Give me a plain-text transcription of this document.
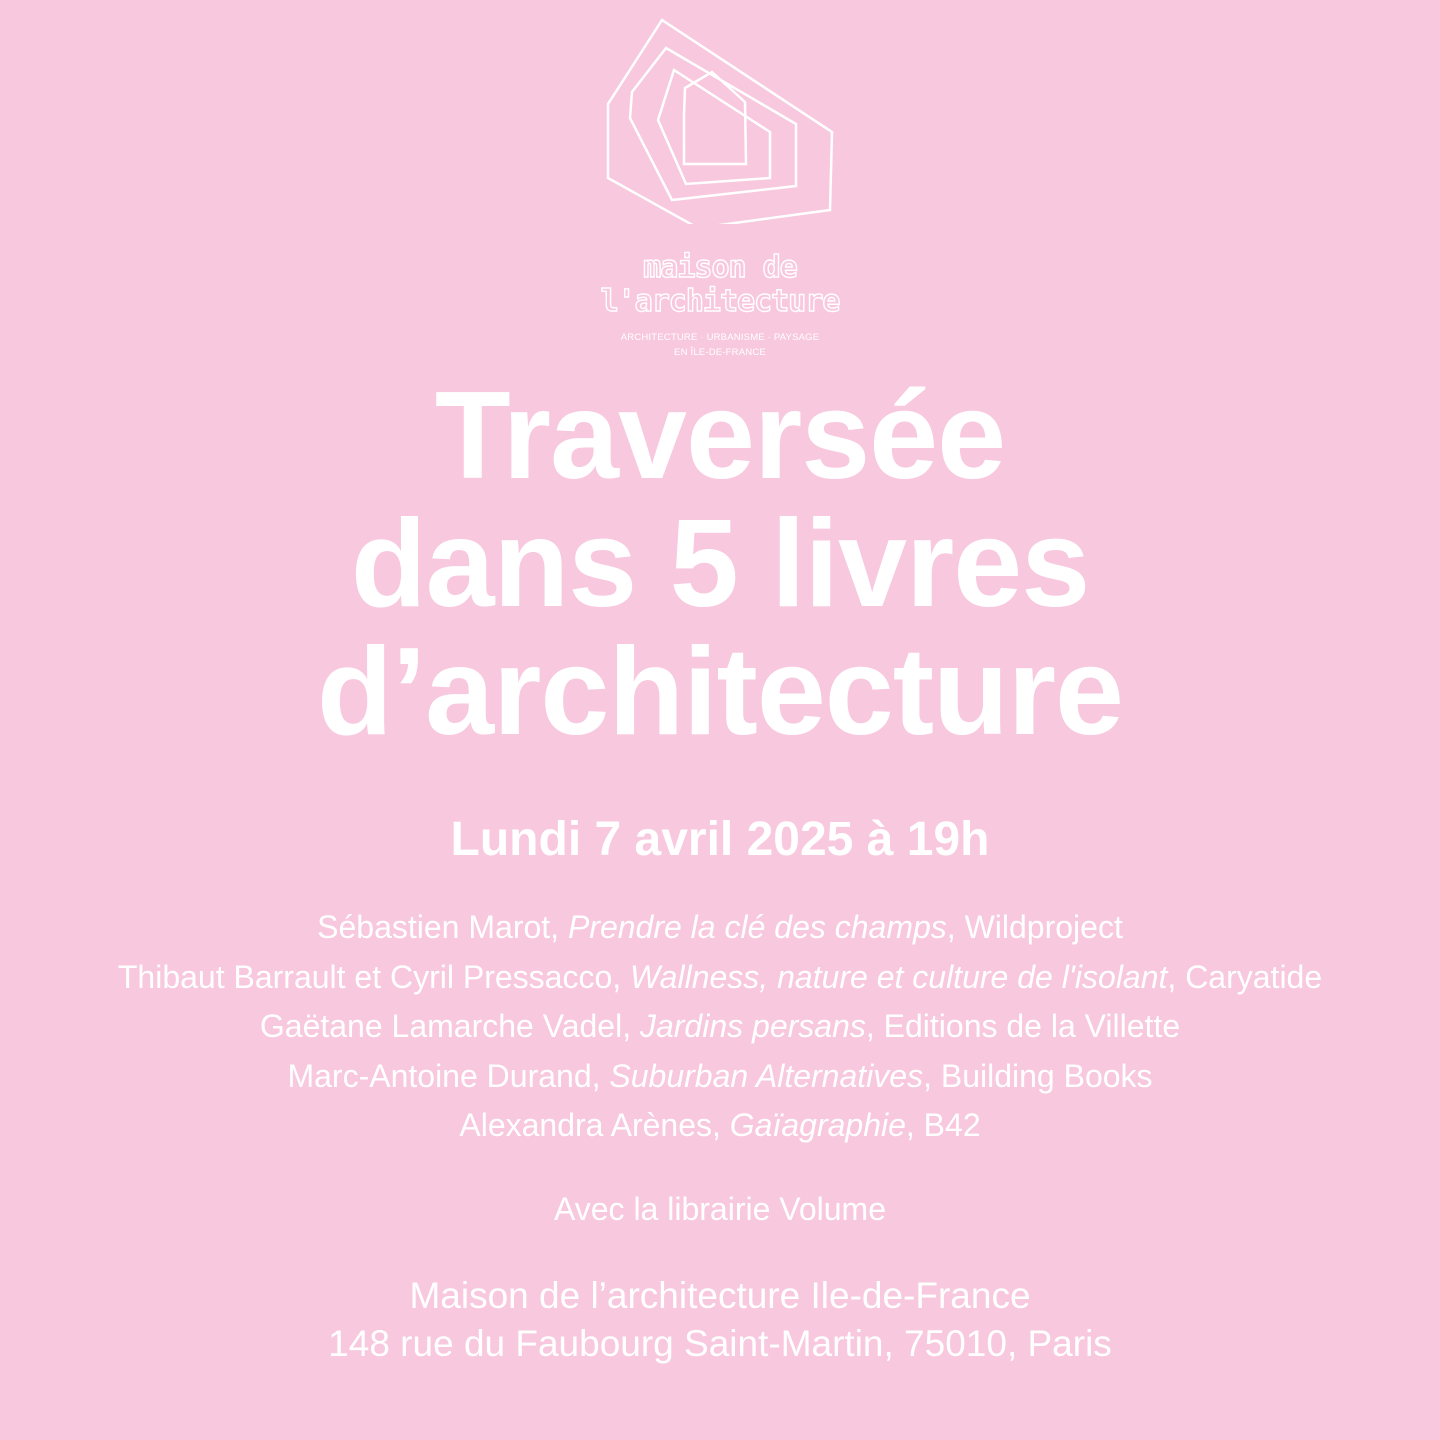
maison de
l'architecture
ARCHITECTURE · URBANISME · PAYSAGE
EN ÎLE-DE-FRANCE
Traversée
dans 5 livres
d’architecture
Lundi 7 avril 2025 à 19h
Sébastien Marot, Prendre la clé des champs, Wildproject
Thibaut Barrault et Cyril Pressacco, Wallness, nature et culture de l'isolant, Caryatide
Gaëtane Lamarche Vadel, Jardins persans, Editions de la Villette
Marc-Antoine Durand, Suburban Alternatives, Building Books
Alexandra Arènes, Gaïagraphie, B42
Avec la librairie Volume
Maison de l’architecture Ile-de-France
148 rue du Faubourg Saint-Martin, 75010, Paris
